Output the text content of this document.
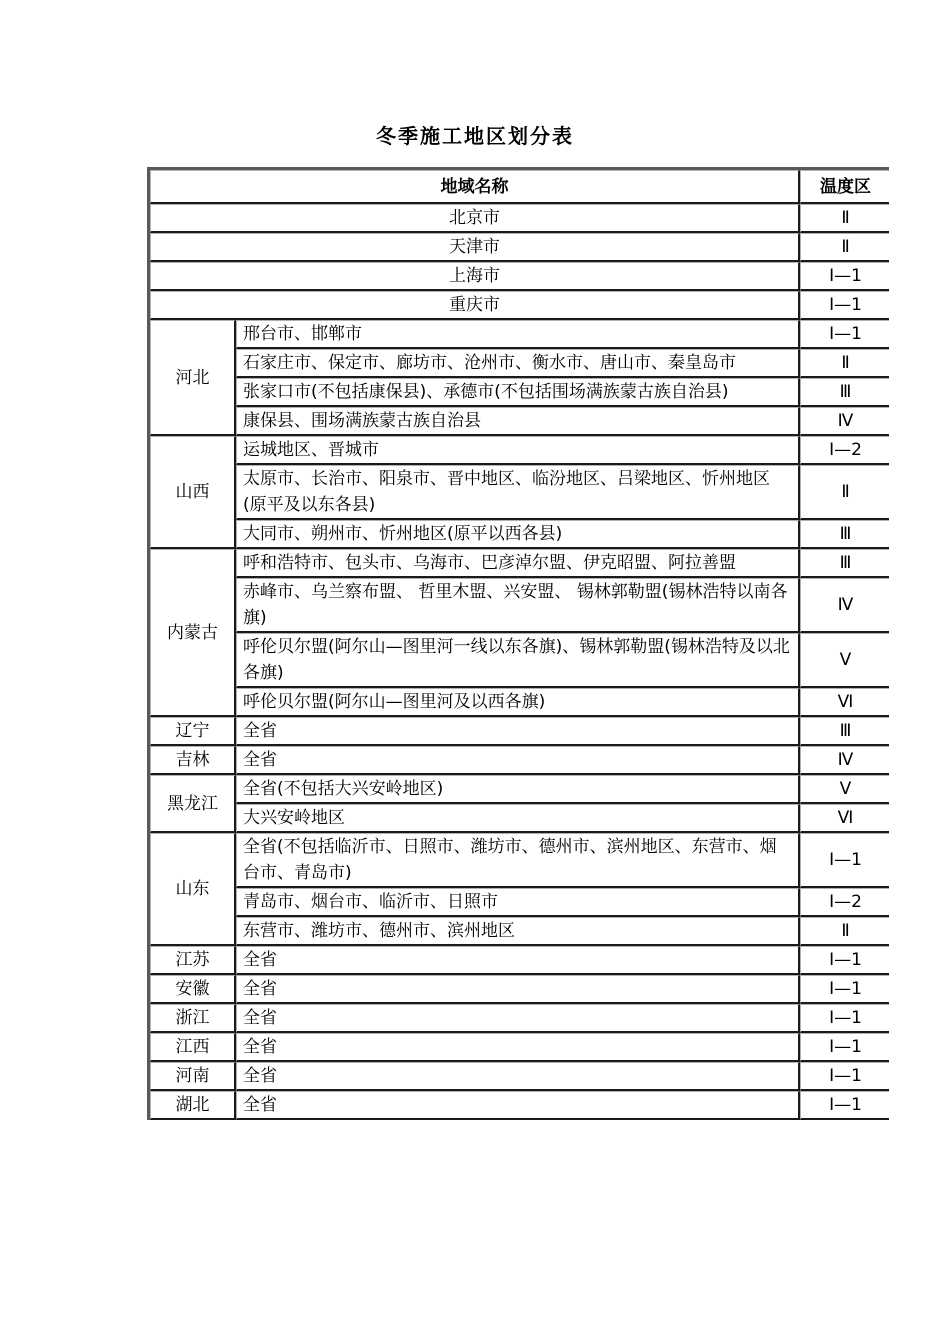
冬季施工地区划分表
地域名称		温度区
北京市		Ⅱ
天津市		Ⅱ
上海市		Ⅰ—1
重庆市		Ⅰ—1
河北	邢台市、邯郸市	Ⅰ—1
	石家庄市、保定市、廊坊市、沧州市、衡水市、唐山市、秦皇岛市	Ⅱ
	张家口市(不包括康保县)、承德市(不包括围场满族蒙古族自治县)	Ⅲ
	康保县、围场满族蒙古族自治县	Ⅳ
山西	运城地区、晋城市	Ⅰ—2
	太原市、长治市、阳泉市、晋中地区、临汾地区、吕梁地区、忻州地区 (原平及以东各县)	Ⅱ
	大同市、朔州市、忻州地区(原平以西各县)	Ⅲ
内蒙古	呼和浩特市、包头市、乌海市、巴彦淖尔盟、伊克昭盟、阿拉善盟	Ⅲ
	赤峰市、乌兰察布盟、 哲里木盟、兴安盟、 锡林郭勒盟(锡林浩特以南各旗)	Ⅳ
	呼伦贝尔盟(阿尔山—图里河一线以东各旗)、锡林郭勒盟(锡林浩特及以北各旗)	Ⅴ
	呼伦贝尔盟(阿尔山—图里河及以西各旗)	Ⅵ
辽宁	全省	Ⅲ
吉林	全省	Ⅳ
黑龙江	全省(不包括大兴安岭地区)	Ⅴ
	大兴安岭地区	Ⅵ
山东	全省(不包括临沂市、日照市、潍坊市、德州市、滨州地区、东营市、烟台市、青岛市)	Ⅰ—1
	青岛市、烟台市、临沂市、日照市	Ⅰ—2
	东营市、潍坊市、德州市、滨州地区	Ⅱ
江苏	全省	Ⅰ—1
安徽	全省	Ⅰ—1
浙江	全省	Ⅰ—1
江西	全省	Ⅰ—1
河南	全省	Ⅰ—1
湖北	全省	Ⅰ—1
